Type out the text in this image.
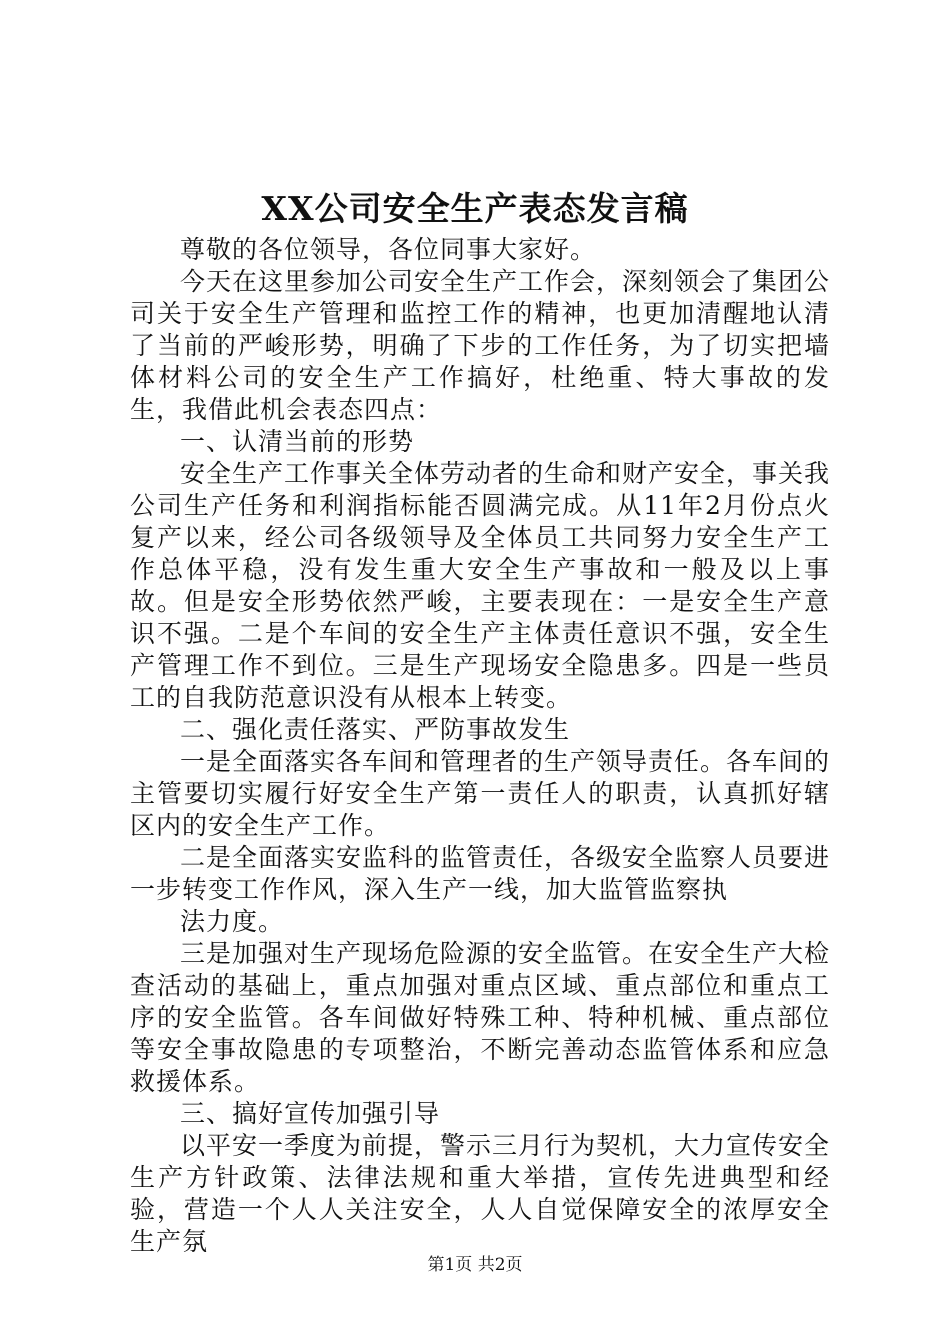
XX公司安全生产表态发言稿

尊敬的各位领导，各位同事大家好。

今天在这里参加公司安全生产工作会，深刻领会了集团公司关于安全生产管理和监控工作的精神，也更加清醒地认清了当前的严峻形势，明确了下步的工作任务，为了切实把墙体材料公司的安全生产工作搞好，杜绝重、特大事故的发生，我借此机会表态四点：

一、认清当前的形势

安全生产工作事关全体劳动者的生命和财产安全，事关我公司生产任务和利润指标能否圆满完成。从11年2月份点火复产以来，经公司各级领导及全体员工共同努力安全生产工作总体平稳，没有发生重大安全生产事故和一般及以上事故。但是安全形势依然严峻，主要表现在：一是安全生产意识不强。二是个车间的安全生产主体责任意识不强，安全生产管理工作不到位。三是生产现场安全隐患多。四是一些员工的自我防范意识没有从根本上转变。

二、强化责任落实、严防事故发生

一是全面落实各车间和管理者的生产领导责任。各车间的主管要切实履行好安全生产第一责任人的职责，认真抓好辖区内的安全生产工作。

二是全面落实安监科的监管责任，各级安全监察人员要进一步转变工作作风，深入生产一线，加大监管监察执

法力度。

三是加强对生产现场危险源的安全监管。在安全生产大检查活动的基础上，重点加强对重点区域、重点部位和重点工序的安全监管。各车间做好特殊工种、特种机械、重点部位等安全事故隐患的专项整治，不断完善动态监管体系和应急救援体系。

三、搞好宣传加强引导

以平安一季度为前提，警示三月行为契机，大力宣传安全生产方针政策、法律法规和重大举措，宣传先进典型和经验，营造一个人人关注安全，人人自觉保障安全的浓厚安全生产氛

第1页 共2页
